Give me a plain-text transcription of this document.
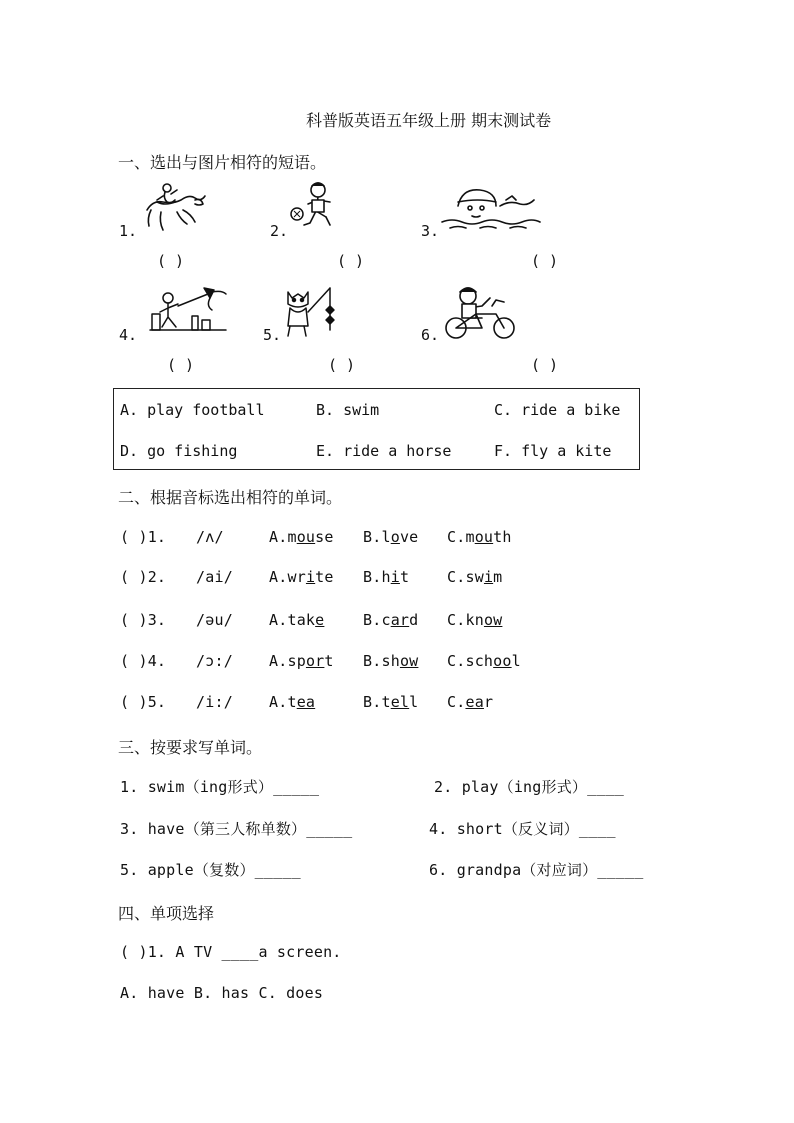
科普版英语五年级上册 期末测试卷
一、选出与图片相符的短语。
1.	2.	3.
( )	( )	( )
4.	5.	6.
( )	( )	( )
A. play football	B. swim	C. ride a bike
D. go fishing	E. ride a horse	F. fly a kite
二、根据音标选出相符的单词。
( )1. /ʌ/	A.mouse B.love C.mouth
( )2. /ai/ A.write B.hit	C.swim
( )3. /əu/ A.take	B.card C.know
( )4. /ɔ:/ A.sport B.show C.school
( )5. /i:/ A.tea	B.tell C.ear
三、按要求写单词。
1. swim（ing形式）_____	2. play（ing形式）____
3. have（第三人称单数）_____	4. short（反义词）____
5. apple（复数）_____	6. grandpa（对应词）_____
四、单项选择
( )1. A TV ____a screen.
A. have B. has C. does
